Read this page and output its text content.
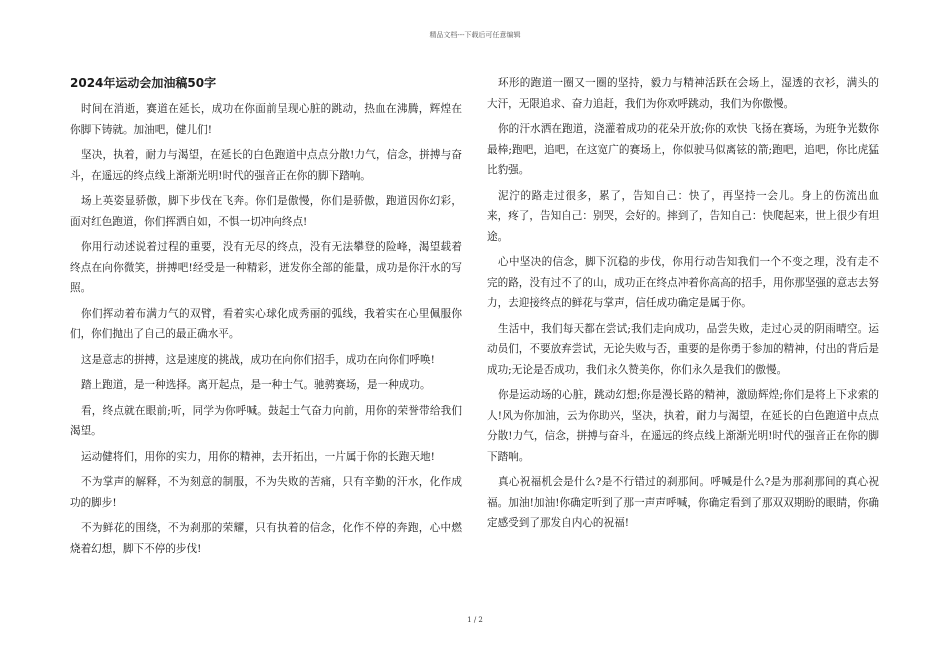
精品文档---下载后可任意编辑
2024年运动会加油稿50字

时间在消逝，赛道在延长，成功在你面前呈现心脏的跳动，热血在沸腾，辉煌在你脚下铸就。加油吧，健儿们!

坚决，执着，耐力与渴望，在延长的白色跑道中点点分散!力气，信念，拼搏与奋斗，在遥远的终点线上渐渐光明!时代的强音正在你的脚下踏响。

场上英姿显骄傲，脚下步伐在飞奔。你们是傲慢，你们是骄傲，跑道因你幻彩，面对红色跑道，你们挥洒自如，不惧一切冲向终点!

你用行动述说着过程的重要，没有无尽的终点，没有无法攀登的险峰，渴望载着终点在向你微笑，拼搏吧!经受是一种精彩，迸发你全部的能量，成功是你汗水的写照。

你们挥动着布满力气的双臂，看着实心球化成秀丽的弧线，我着实在心里佩服你们，你们抛出了自己的最正确水平。

这是意志的拼搏，这是速度的挑战，成功在向你们招手，成功在向你们呼唤!

踏上跑道，是一种选择。离开起点，是一种士气。驰骋赛场，是一种成功。

看，终点就在眼前;听，同学为你呼喊。鼓起士气奋力向前，用你的荣誉带给我们渴望。

运动健将们，用你的实力，用你的精神，去开拓出，一片属于你的长跑天地!

不为掌声的解释，不为刻意的制服，不为失败的苦痛，只有辛勤的汗水，化作成功的脚步!

不为鲜花的围绕，不为刹那的荣耀，只有执着的信念，化作不停的奔跑，心中燃烧着幻想，脚下不停的步伐!

环形的跑道一圈又一圈的坚持，毅力与精神活跃在会场上，湿透的衣衫，满头的大汗，无限追求、奋力追赶，我们为你欢呼跳动，我们为你傲慢。

你的汗水洒在跑道，浇灌着成功的花朵开放;你的欢快 飞扬在赛场，为班争光数你最棒;跑吧，追吧，在这宽广的赛场上，你似驶马似离铉的箭;跑吧，追吧，你比虎猛比豹强。

泥泞的路走过很多，累了，告知自己：快了，再坚持一会儿。身上的伤流出血来，疼了，告知自己：别哭，会好的。摔到了，告知自己：快爬起来，世上很少有坦途。

心中坚决的信念，脚下沉稳的步伐，你用行动告知我们一个不变之理，没有走不完的路，没有过不了的山，成功正在终点冲着你高高的招手，用你那坚强的意志去努力，去迎接终点的鲜花与掌声，信任成功确定是属于你。

生活中，我们每天都在尝试;我们走向成功，品尝失败，走过心灵的阴雨晴空。运动员们，不要放弃尝试，无论失败与否，重要的是你勇于参加的精神，付出的背后是成功;无论是否成功，我们永久赞美你，你们永久是我们的傲慢。

你是运动场的心脏，跳动幻想;你是漫长路的精神，激励辉煌;你们是将上下求索的人!风为你加油，云为你助兴，坚决，执着，耐力与渴望，在延长的白色跑道中点点分散!力气，信念，拼搏与奋斗，在遥远的终点线上渐渐光明!时代的强音正在你的脚下踏响。

真心祝福机会是什么?是不行错过的刹那间。呼喊是什么?是为那刹那间的真心祝福。加油!加油!你确定听到了那一声声呼喊，你确定看到了那双双期盼的眼睛，你确定感受到了那发自内心的祝福!

1 / 2
